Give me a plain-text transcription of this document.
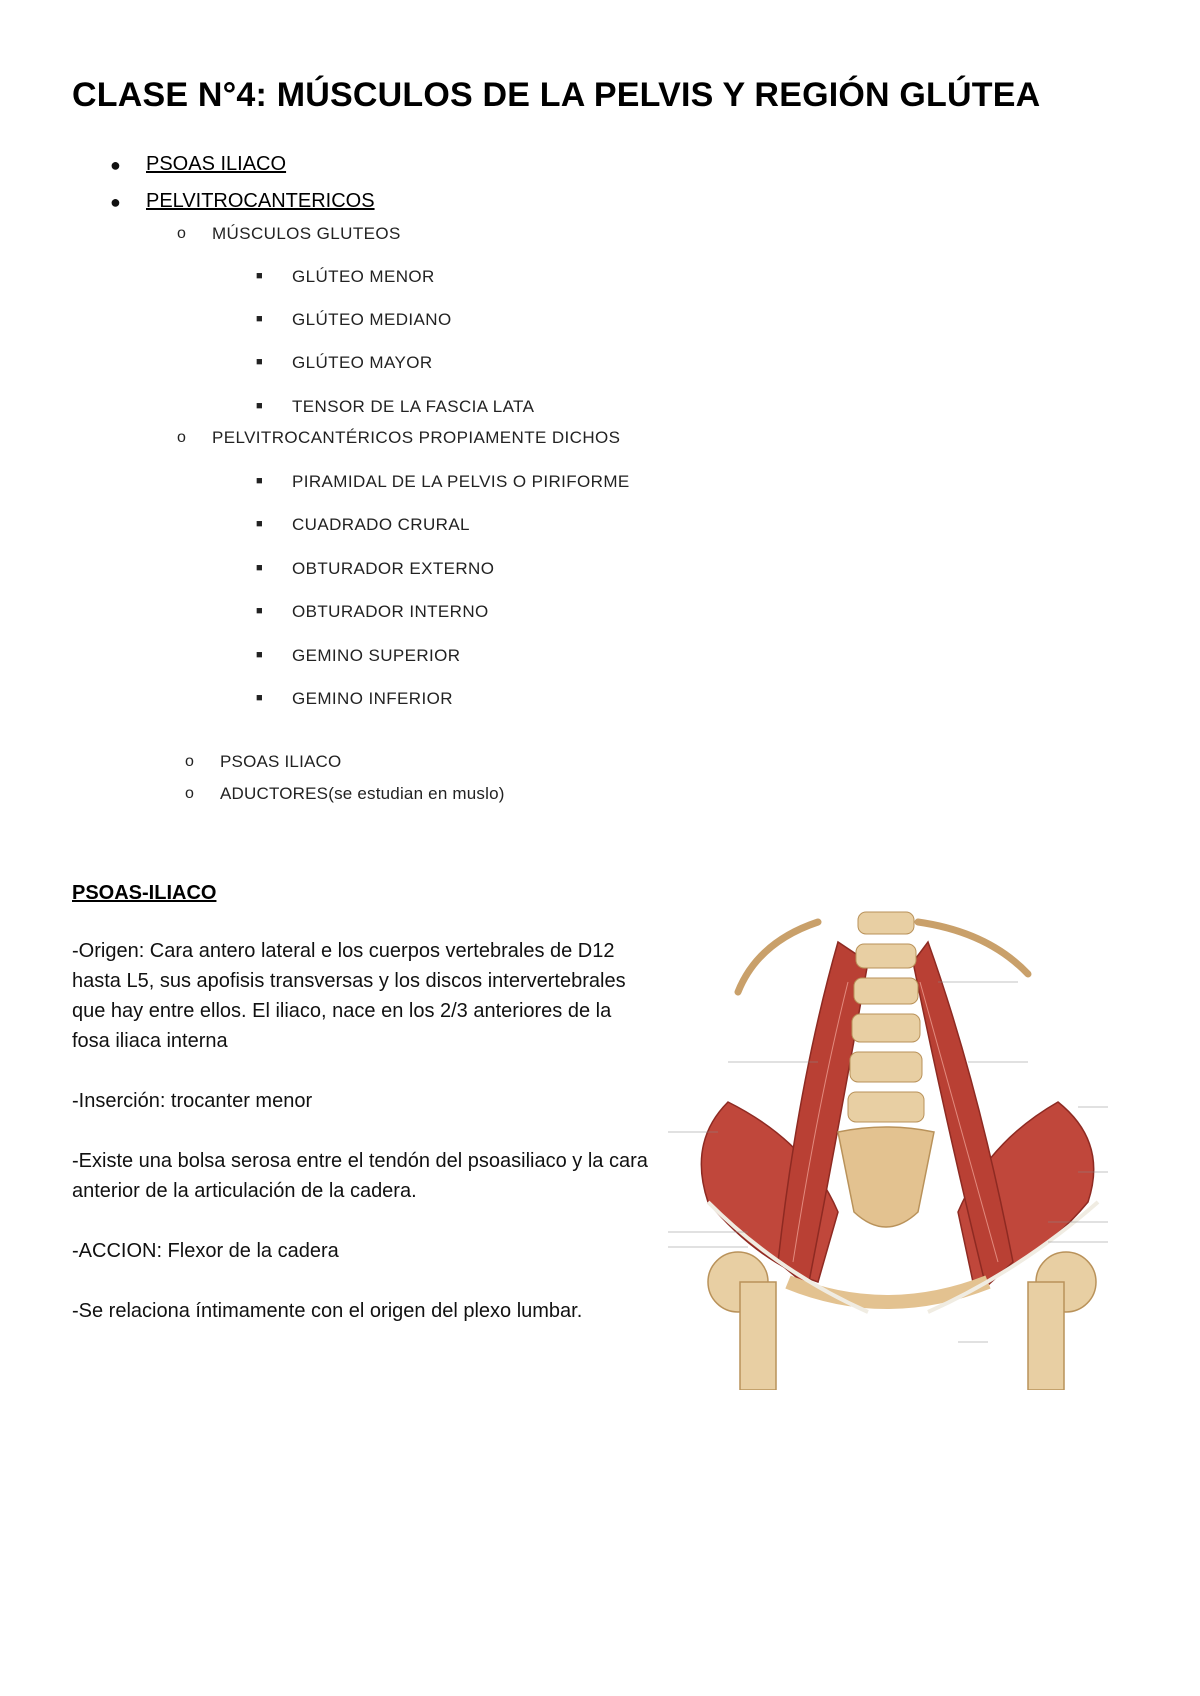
CLASE N°4: MÚSCULOS DE LA PELVIS Y REGIÓN GLÚTEA
● PSOAS ILIACO
● PELVITROCANTERICOS
o MÚSCULOS GLUTEOS
■ GLÚTEO MENOR
■ GLÚTEO MEDIANO
■ GLÚTEO MAYOR
■ TENSOR DE LA FASCIA LATA
o PELVITROCANTÉRICOS PROPIAMENTE DICHOS
■ PIRAMIDAL DE LA PELVIS O PIRIFORME
■ CUADRADO CRURAL
■ OBTURADOR EXTERNO
■ OBTURADOR INTERNO
■ GEMINO SUPERIOR
■ GEMINO INFERIOR
o PSOAS ILIACO
o ADUCTORES(se estudian en muslo)
PSOAS-ILIACO

-Origen: Cara antero lateral e los cuerpos vertebrales de D12 hasta L5, sus apofisis transversas y los discos intervertebrales que hay entre ellos. El iliaco, nace en los 2/3 anteriores de la fosa iliaca interna

-Inserción: trocanter menor

-Existe una bolsa serosa entre el tendón del psoasiliaco y la cara anterior de la articulación de la cadera.

-ACCION: Flexor de la cadera

-Se relaciona íntimamente con el origen del plexo lumbar.
